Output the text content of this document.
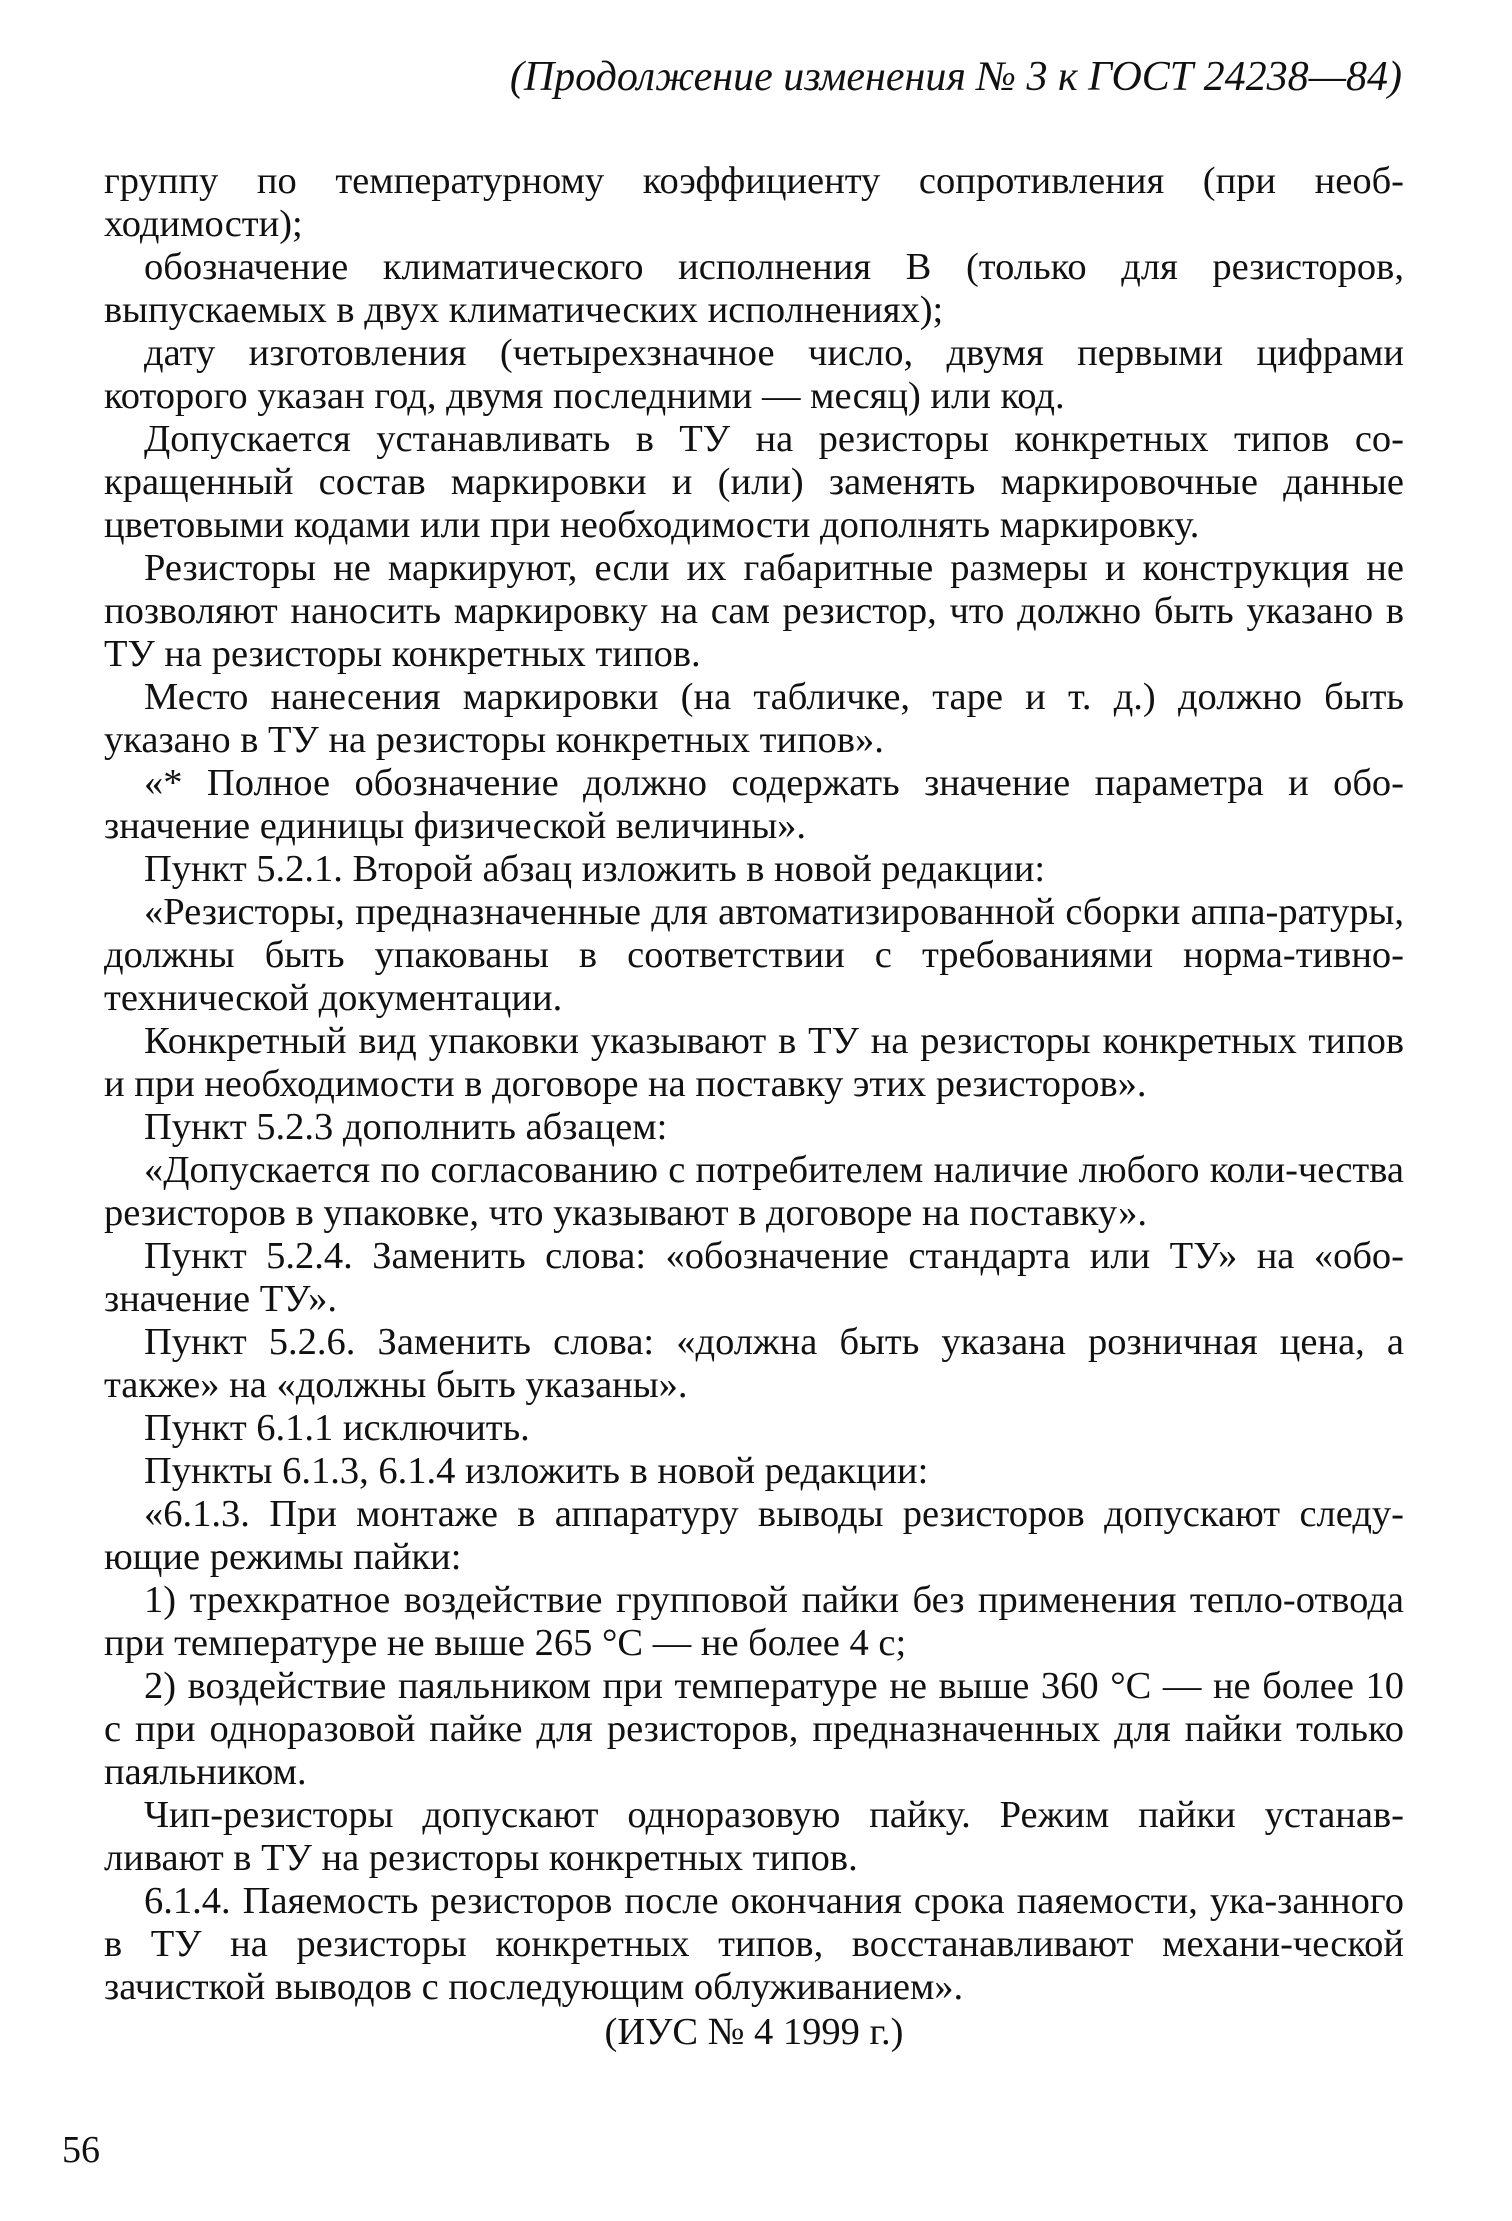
(Продолжение изменения № 3 к ГОСТ 24238—84)

группу по температурному коэффициенту сопротивления (при необ-ходимости);

обозначение климатического исполнения В (только для резисторов, выпускаемых в двух климатических исполнениях);

дату изготовления (четырехзначное число, двумя первыми цифрами которого указан год, двумя последними — месяц) или код.

Допускается устанавливать в ТУ на резисторы конкретных типов со-кращенный состав маркировки и (или) заменять маркировочные данные цветовыми кодами или при необходимости дополнять маркировку.

Резисторы не маркируют, если их габаритные размеры и конструкция не позволяют наносить маркировку на сам резистор, что должно быть указано в ТУ на резисторы конкретных типов.

Место нанесения маркировки (на табличке, таре и т. д.) должно быть указано в ТУ на резисторы конкретных типов».

«* Полное обозначение должно содержать значение параметра и обо-значение единицы физической величины».

Пункт 5.2.1. Второй абзац изложить в новой редакции:

«Резисторы, предназначенные для автоматизированной сборки аппа-ратуры, должны быть упакованы в соответствии с требованиями норма-тивно-технической документации.

Конкретный вид упаковки указывают в ТУ на резисторы конкретных типов и при необходимости в договоре на поставку этих резисторов».

Пункт 5.2.3 дополнить абзацем:

«Допускается по согласованию с потребителем наличие любого коли-чества резисторов в упаковке, что указывают в договоре на поставку».

Пункт 5.2.4. Заменить слова: «обозначение стандарта или ТУ» на «обо-значение ТУ».

Пункт 5.2.6. Заменить слова: «должна быть указана розничная цена, а также» на «должны быть указаны».

Пункт 6.1.1 исключить.

Пункты 6.1.3, 6.1.4 изложить в новой редакции:

«6.1.3. При монтаже в аппаратуру выводы резисторов допускают следу-ющие режимы пайки:

1) трехкратное воздействие групповой пайки без применения тепло-отвода при температуре не выше 265 °С — не более 4 с;

2) воздействие паяльником при температуре не выше 360 °С — не более 10 с при одноразовой пайке для резисторов, предназначенных для пайки только паяльником.

Чип-резисторы допускают одноразовую пайку. Режим пайки устанав-ливают в ТУ на резисторы конкретных типов.

6.1.4. Паяемость резисторов после окончания срока паяемости, ука-занного в ТУ на резисторы конкретных типов, восстанавливают механи-ческой зачисткой выводов с последующим облуживанием».

(ИУС № 4 1999 г.)

56
